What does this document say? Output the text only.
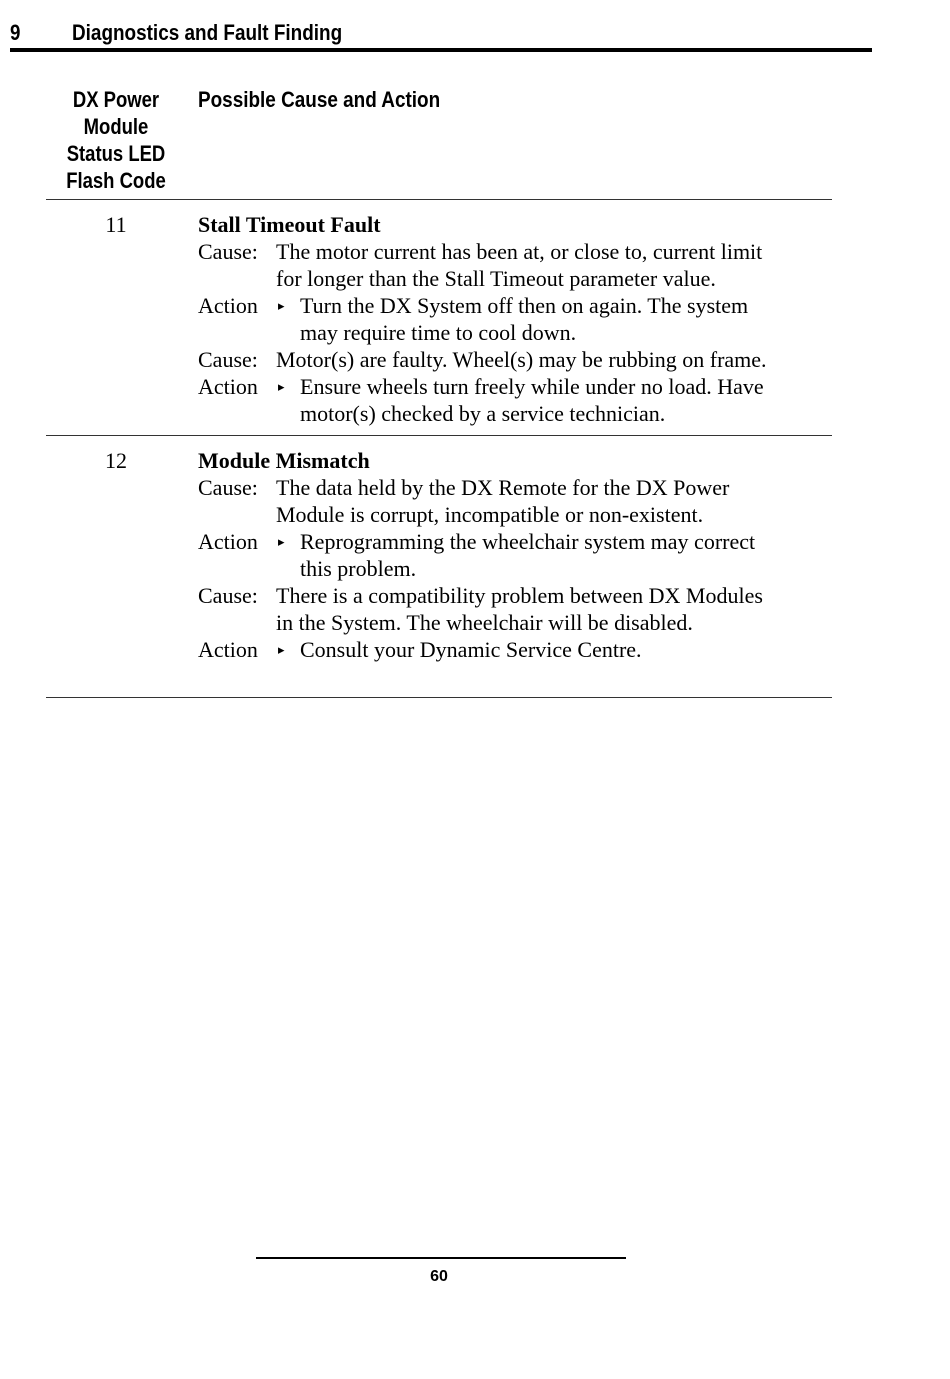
9 Diagnostics and Fault Finding
DX Power
Module
Status LED
Flash Code
Possible Cause and Action
11	Stall Timeout Fault
Cause: The motor current has been at, or close to, current limit
for longer than the Stall Timeout parameter value.
Action ▸ Turn the DX System off then on again. The system
may require time to cool down.
Cause: Motor(s) are faulty. Wheel(s) may be rubbing on frame.
Action ▸ Ensure wheels turn freely while under no load. Have
motor(s) checked by a service technician.
12	Module Mismatch
Cause: The data held by the DX Remote for the DX Power
Module is corrupt, incompatible or non-existent.
Action ▸ Reprogramming the wheelchair system may correct
this problem.
Cause: There is a compatibility problem between DX Modules
in the System. The wheelchair will be disabled.
Action ▸ Consult your Dynamic Service Centre.
60
